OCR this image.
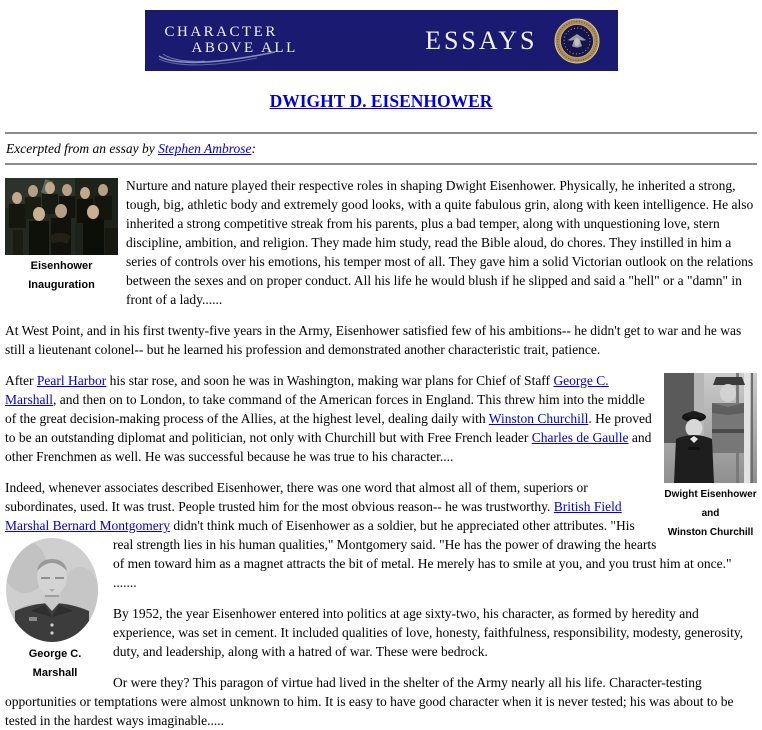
CHARACTER
ABOVE ALL	ESSAYS
DWIGHT D. EISENHOWER
Excerpted from an essay by Stephen Ambrose:

Eisenhower Inauguration
Nurture and nature played their respective roles in shaping Dwight Eisenhower. Physically, he inherited a strong, tough, big, athletic body and extremely good looks, with a quite fabulous grin, along with keen intelligence. He also inherited a strong competitive streak from his parents, plus a bad temper, along with unquestioning love, stern discipline, ambition, and religion. They made him study, read the Bible aloud, do chores. They instilled in him a series of controls over his emotions, his temper most of all. They gave him a solid Victorian outlook on the relations between the sexes and on proper conduct. All his life he would blush if he slipped and said a "hell" or a "damn" in front of a lady......

At West Point, and in his first twenty-five years in the Army, Eisenhower satisfied few of his ambitions-- he didn't get to war and he was still a lieutenant colonel-- but he learned his profession and demonstrated another characteristic trait, patience.

Dwight Eisenhower and
Winston Churchill
After Pearl Harbor his star rose, and soon he was in Washington, making war plans for Chief of Staff George C. Marshall, and then on to London, to take command of the American forces in England. This threw him into the middle of the great decision-making process of the Allies, at the highest level, dealing daily with Winston Churchill. He proved to be an outstanding diplomat and politician, not only with Churchill but with Free French leader Charles de Gaulle and other Frenchmen as well. He was successful because he was true to his character....

Indeed, whenever associates described Eisenhower, there was one word that almost all of them, superiors or subordinates, used. It was trust. People trusted him for the most obvious reason-- he was trustworthy. British Field Marshal Bernard Montgomery didn't think much of Eisenhower as a soldier, but he appreciated other attributes. "His real strength lies in his
George C. Marshall
human qualities," Montgomery said. "He has the power of drawing the hearts of men toward him as a magnet attracts the bit of metal. He merely has to smile at you, and you trust him at once." .......

By 1952, the year Eisenhower entered into politics at age sixty-two, his character, as formed by heredity and experience, was set in cement. It included qualities of love, honesty, faithfulness, responsibility, modesty, generosity, duty, and leadership, along with a hatred of war. These were bedrock.

Or were they? This paragon of virtue had lived in the shelter of the Army nearly all his life. Character-testing opportunities or temptations were almost unknown to him. It is easy to have good character when it is never tested; his was about to be tested in the hardest ways imaginable.....
